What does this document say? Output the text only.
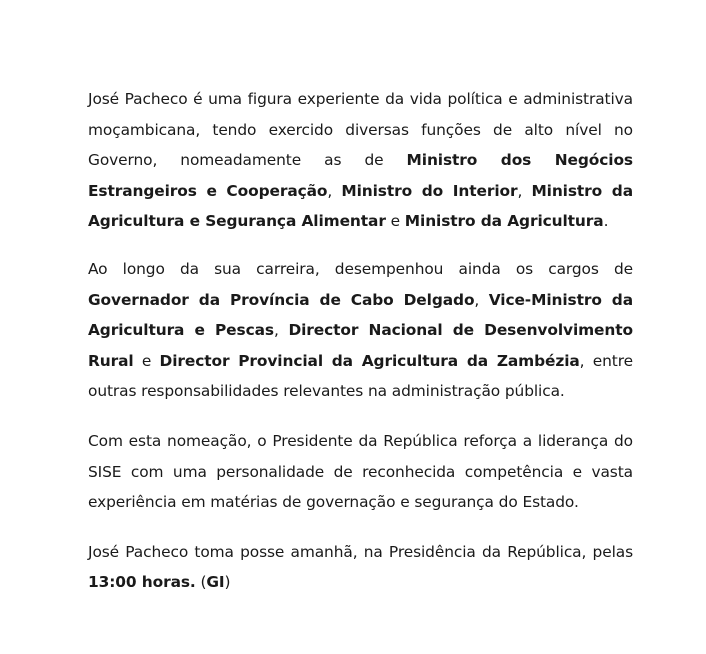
José Pacheco é uma figura experiente da vida política e administrativa moçambicana, tendo exercido diversas funções de alto nível no Governo, nomeadamente as de Ministro dos Negócios Estrangeiros e Cooperação, Ministro do Interior, Ministro da Agricultura e Segurança Alimentar e Ministro da Agricultura.

Ao longo da sua carreira, desempenhou ainda os cargos de Governador da Província de Cabo Delgado, Vice-Ministro da Agricultura e Pescas, Director Nacional de Desenvolvimento Rural e Director Provincial da Agricultura da Zambézia, entre outras responsabilidades relevantes na administração pública.

Com esta nomeação, o Presidente da República reforça a liderança do SISE com uma personalidade de reconhecida competência e vasta experiência em matérias de governação e segurança do Estado.

José Pacheco toma posse amanhã, na Presidência da República, pelas 13:00 horas. (GI)
